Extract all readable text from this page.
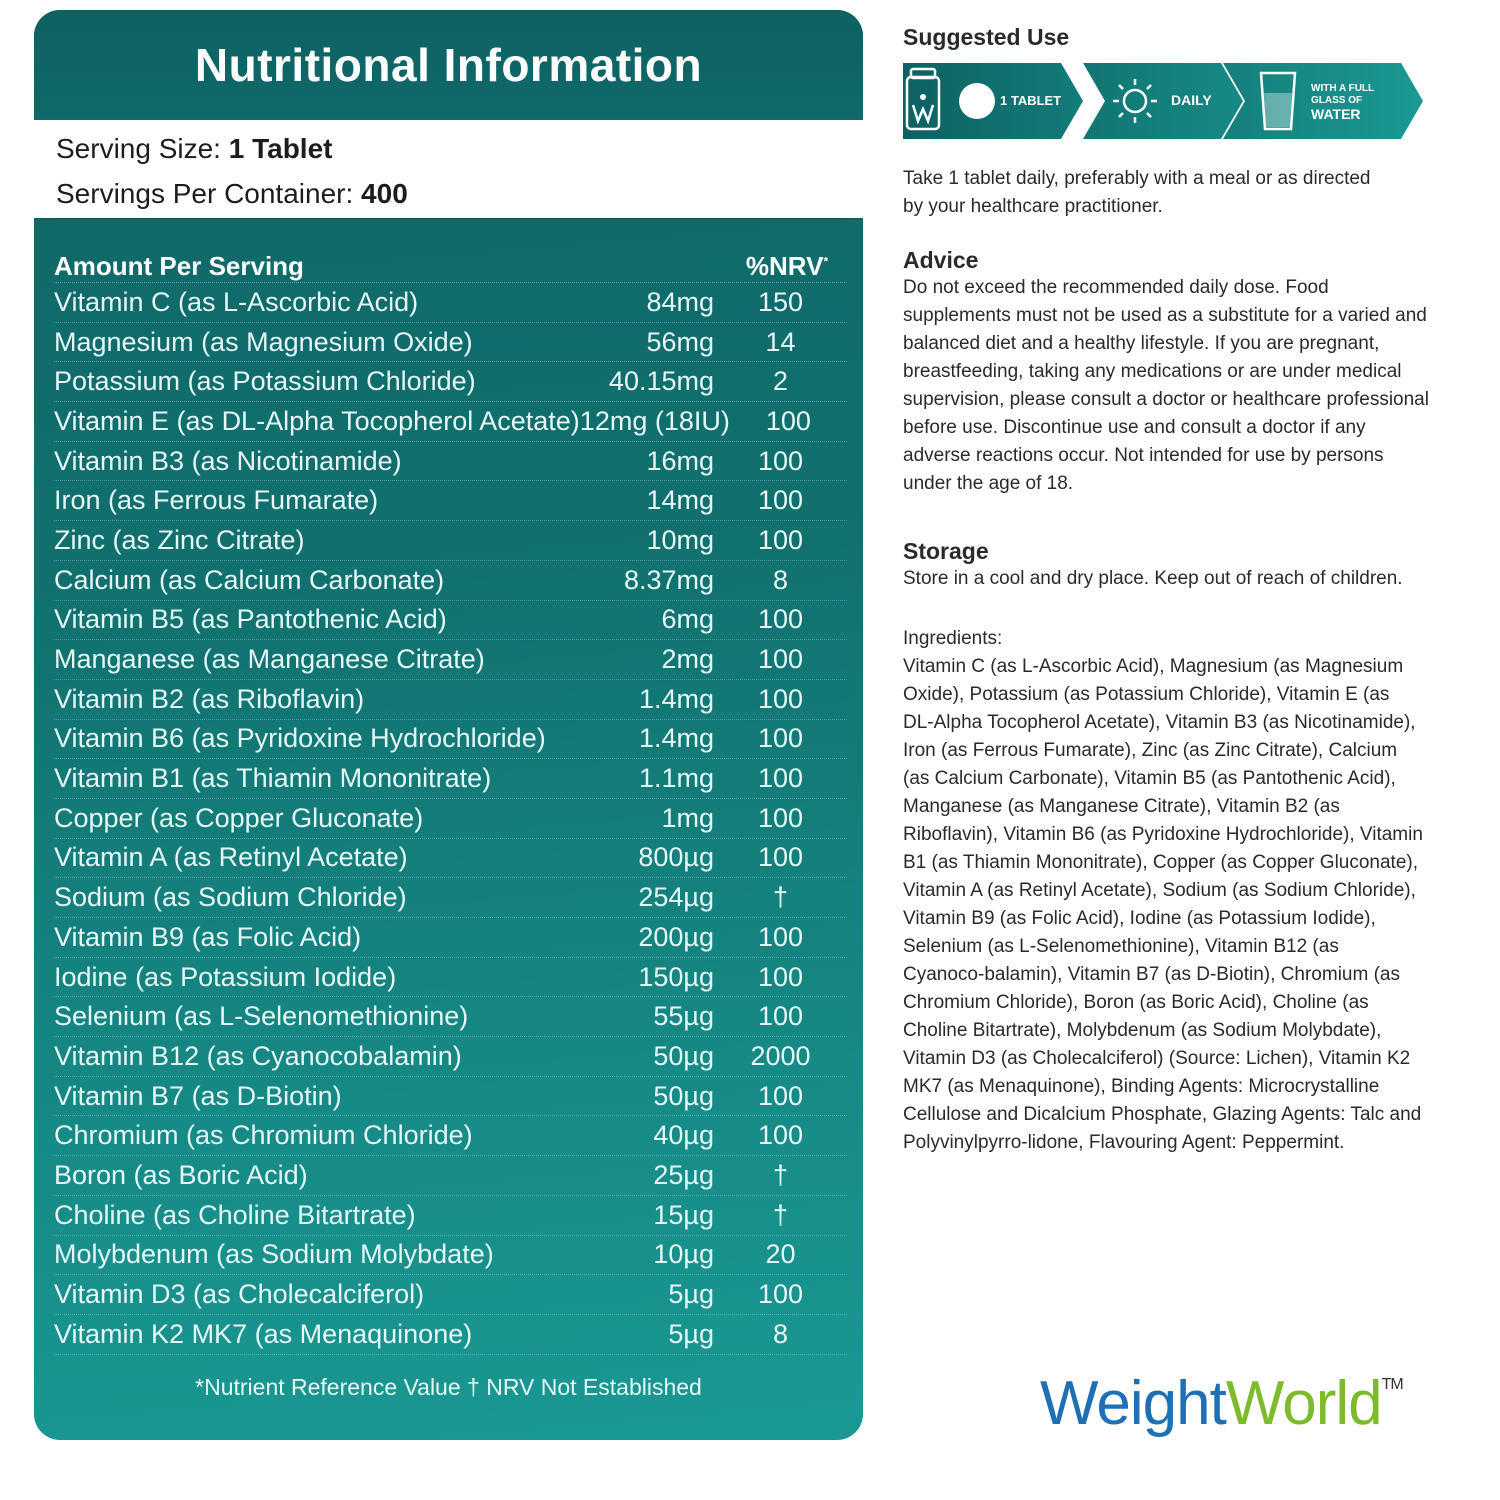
Nutritional Information
Serving Size: 1 Tablet
Servings Per Container: 400
Amount Per Serving	%NRV*
Vitamin C (as L-Ascorbic Acid)	84mg	150
Magnesium (as Magnesium Oxide)	56mg	14
Potassium (as Potassium Chloride)	40.15mg	2
Vitamin E (as DL-Alpha Tocopherol Acetate) 12mg (18IU)	100
Vitamin B3 (as Nicotinamide)	16mg	100
Iron (as Ferrous Fumarate)	14mg	100
Zinc (as Zinc Citrate)	10mg	100
Calcium (as Calcium Carbonate)	8.37mg	8
Vitamin B5 (as Pantothenic Acid)	6mg	100
Manganese (as Manganese Citrate)	2mg	100
Vitamin B2 (as Riboflavin)	1.4mg	100
Vitamin B6 (as Pyridoxine Hydrochloride)	1.4mg	100
Vitamin B1 (as Thiamin Mononitrate)	1.1mg	100
Copper (as Copper Gluconate)	1mg	100
Vitamin A (as Retinyl Acetate)	800µg	100
Sodium (as Sodium Chloride)	254µg	†
Vitamin B9 (as Folic Acid)	200µg	100
Iodine (as Potassium Iodide)	150µg	100
Selenium (as L-Selenomethionine)	55µg	100
Vitamin B12 (as Cyanocobalamin)	50µg	2000
Vitamin B7 (as D-Biotin)	50µg	100
Chromium (as Chromium Chloride)	40µg	100
Boron (as Boric Acid)	25µg	†
Choline (as Choline Bitartrate)	15µg	†
Molybdenum (as Sodium Molybdate)	10µg	20
Vitamin D3 (as Cholecalciferol)	5µg	100
Vitamin K2 MK7 (as Menaquinone)	5µg	8
*Nutrient Reference Value † NRV Not Established
Suggested Use
1 TABLET	DAILY
WITH A FULL GLASS OF
WATER
Take 1 tablet daily, preferably with a meal or as directed by your healthcare practitioner.
Advice
Do not exceed the recommended daily dose. Food supplements must not be used as a substitute for a varied and balanced diet and a healthy lifestyle. If you are pregnant, breastfeeding, taking any medications or are under medical supervision, please consult a doctor or healthcare professional before use. Discontinue use and consult a doctor if any adverse reactions occur. Not intended for use by persons under the age of 18.
Storage
Store in a cool and dry place. Keep out of reach of children.
Ingredients:
Vitamin C (as L-Ascorbic Acid), Magnesium (as Magnesium Oxide), Potassium (as Potassium Chloride), Vitamin E (as DL-Alpha Tocopherol Acetate), Vitamin B3 (as Nicotinamide), Iron (as Ferrous Fumarate), Zinc (as Zinc Citrate), Calcium (as Calcium Carbonate), Vitamin B5 (as Pantothenic Acid), Manganese (as Manganese Citrate), Vitamin B2 (as Riboflavin), Vitamin B6 (as Pyridoxine Hydrochloride), Vitamin B1 (as Thiamin Mononitrate), Copper (as Copper Gluconate), Vitamin A (as Retinyl Acetate), Sodium (as Sodium Chloride), Vitamin B9 (as Folic Acid), Iodine (as Potassium Iodide), Selenium (as L-Selenomethionine), Vitamin B12 (as Cyanoco-balamin), Vitamin B7 (as D-Biotin), Chromium (as Chromium Chloride), Boron (as Boric Acid), Choline (as Choline Bitartrate), Molybdenum (as Sodium Molybdate), Vitamin D3 (as Cholecalciferol) (Source: Lichen), Vitamin K2 MK7 (as Menaquinone), Binding Agents: Microcrystalline Cellulose and Dicalcium Phosphate, Glazing Agents: Talc and Polyvinylpyrro-lidone, Flavouring Agent: Peppermint.
WeightWorld™
